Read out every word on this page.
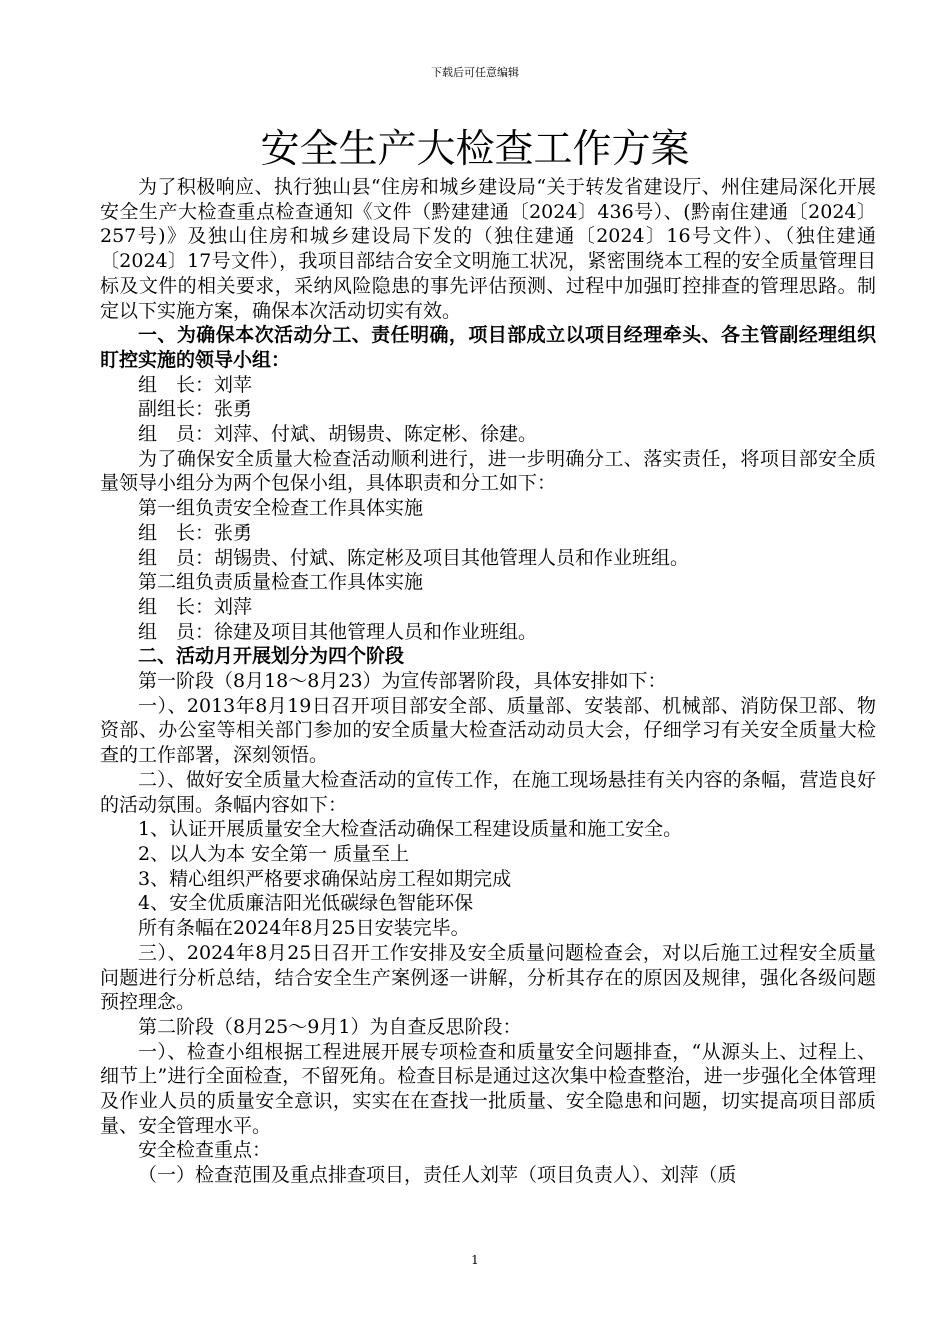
下载后可任意编辑
安全生产大检查工作方案

为了积极响应、执行独山县“住房和城乡建设局“关于转发省建设厅、州住建局深化开展安全生产大检查重点检查通知《文件（黔建建通〔2024〕436号）、(黔南住建通〔2024〕257号)》及独山住房和城乡建设局下发的（独住建通〔2024〕16号文件）、（独住建通〔2024〕17号文件），我项目部结合安全文明施工状况，紧密围绕本工程的安全质量管理目标及文件的相关要求，采纳风险隐患的事先评估预测、过程中加强盯控排查的管理思路。制定以下实施方案，确保本次活动切实有效。

一、为确保本次活动分工、责任明确，项目部成立以项目经理牵头、各主管副经理组织盯控实施的领导小组：

组　长：刘苹

副组长：张勇

组　员：刘萍、付斌、胡锡贵、陈定彬、徐建。

为了确保安全质量大检查活动顺利进行，进一步明确分工、落实责任，将项目部安全质量领导小组分为两个包保小组，具体职责和分工如下：

第一组负责安全检查工作具体实施

组　长：张勇

组　员：胡锡贵、付斌、陈定彬及项目其他管理人员和作业班组。

第二组负责质量检查工作具体实施

组　长：刘萍

组　员：徐建及项目其他管理人员和作业班组。

二、活动月开展划分为四个阶段

第一阶段（8月18～8月23）为宣传部署阶段，具体安排如下：

一）、2013年8月19日召开项目部安全部、质量部、安装部、机械部、消防保卫部、物资部、办公室等相关部门参加的安全质量大检查活动动员大会，仔细学习有关安全质量大检查的工作部署，深刻领悟。

二）、做好安全质量大检查活动的宣传工作，在施工现场悬挂有关内容的条幅，营造良好的活动氛围。条幅内容如下：

1、认证开展质量安全大检查活动确保工程建设质量和施工安全。

2、以人为本 安全第一 质量至上

3、精心组织严格要求确保站房工程如期完成

4、安全优质廉洁阳光低碳绿色智能环保

所有条幅在2024年8月25日安装完毕。

三）、2024年8月25日召开工作安排及安全质量问题检查会，对以后施工过程安全质量问题进行分析总结，结合安全生产案例逐一讲解，分析其存在的原因及规律，强化各级问题预控理念。

第二阶段（8月25～9月1）为自查反思阶段：

一）、检查小组根据工程进展开展专项检查和质量安全问题排查，“从源头上、过程上、细节上”进行全面检查，不留死角。检查目标是通过这次集中检查整治，进一步强化全体管理及作业人员的质量安全意识，实实在在查找一批质量、安全隐患和问题，切实提高项目部质量、安全管理水平。

安全检查重点：

（一）检查范围及重点排查项目，责任人刘苹（项目负责人）、刘萍（质

1
